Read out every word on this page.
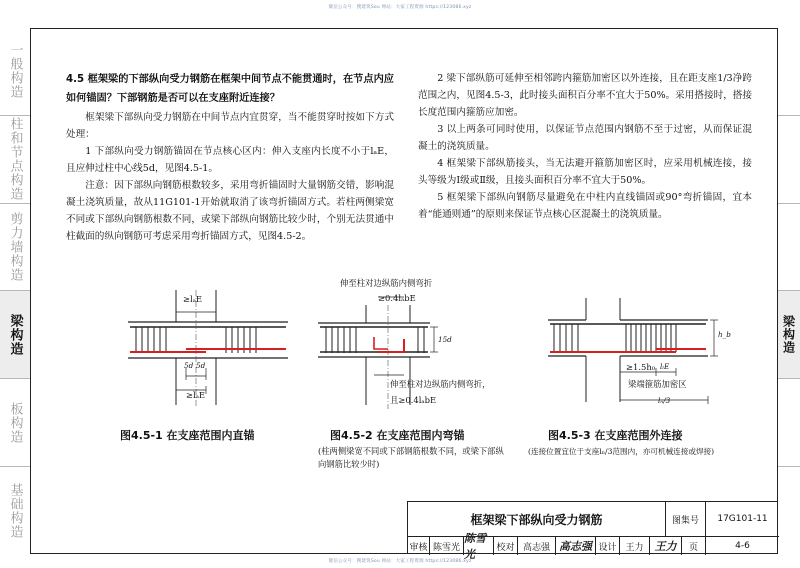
微信公众号：搜建筑Sou 网站：大家工程资源 https://123086.xyz
一般构造
柱和节点构造
剪力墙构造
梁构造
板构造
基础构造
梁构造
4.5 框架梁的下部纵向受力钢筋在框架中间节点不能贯通时，在节点内应如何锚固？下部钢筋是否可以在支座附近连接？
框架梁下部纵向受力钢筋在中间节点内宜贯穿，当不能贯穿时按如下方式处理：
1 下部纵向受力钢筋锚固在节点核心区内：伸入支座内长度不小于lₐE，且应伸过柱中心线5d，见图4.5-1。
注意：因下部纵向钢筋根数较多，采用弯折锚固时大量钢筋交错，影响混凝土浇筑质量，故从11G101-1开始就取消了该弯折锚固方式。若柱两侧梁宽不同或下部纵向钢筋根数不同，或梁下部纵向钢筋比较少时，个别无法贯通中柱截面的纵向钢筋可考虑采用弯折锚固方式，见图4.5-2。
2 梁下部纵筋可延伸至相邻跨内箍筋加密区以外连接，且在距支座1/3净跨范围之内，见图4.5-3，此时接头面积百分率不宜大于50%。采用搭接时，搭接长度范围内箍筋应加密。
3 以上两条可同时使用，以保证节点范围内钢筋不至于过密，从而保证混凝土的浇筑质量。
4 框架梁下部纵筋接头，当无法避开箍筋加密区时，应采用机械连接，接头等级为Ⅰ级或Ⅱ级，且接头面积百分率不宜大于50%。
5 框架梁下部纵向钢筋尽量避免在中柱内直线锚固或90°弯折锚固，宜本着“能通则通”的原则来保证节点核心区混凝土的浇筑质量。
≥lₐE
5d 5d
≥lₐE
图4.5-1 在支座范围内直锚
伸至柱对边纵筋内侧弯折
≥0.4lₐbE
15d
伸至柱对边纵筋内侧弯折，
且≥0.4lₐbE
图4.5-2 在支座范围内弯锚
(柱两侧梁宽不同或下部钢筋根数不同，或梁下部纵向钢筋比较少时)
h_b
≥1.5h₀ lₗE
梁端箍筋加密区
lₙ/3
图4.5-3 在支座范围外连接
(连接位置宜位于支座lₙ/3范围内，亦可机械连接或焊接)
框架梁下部纵向受力钢筋	图集号	17G101-11
审核 陈雪光
陈雪光
校对 高志强 高志强 设计 王力	王力	页	4-6
微信公众号：搜建筑Sou 网站：大家工程资源 https://123086.xyz
